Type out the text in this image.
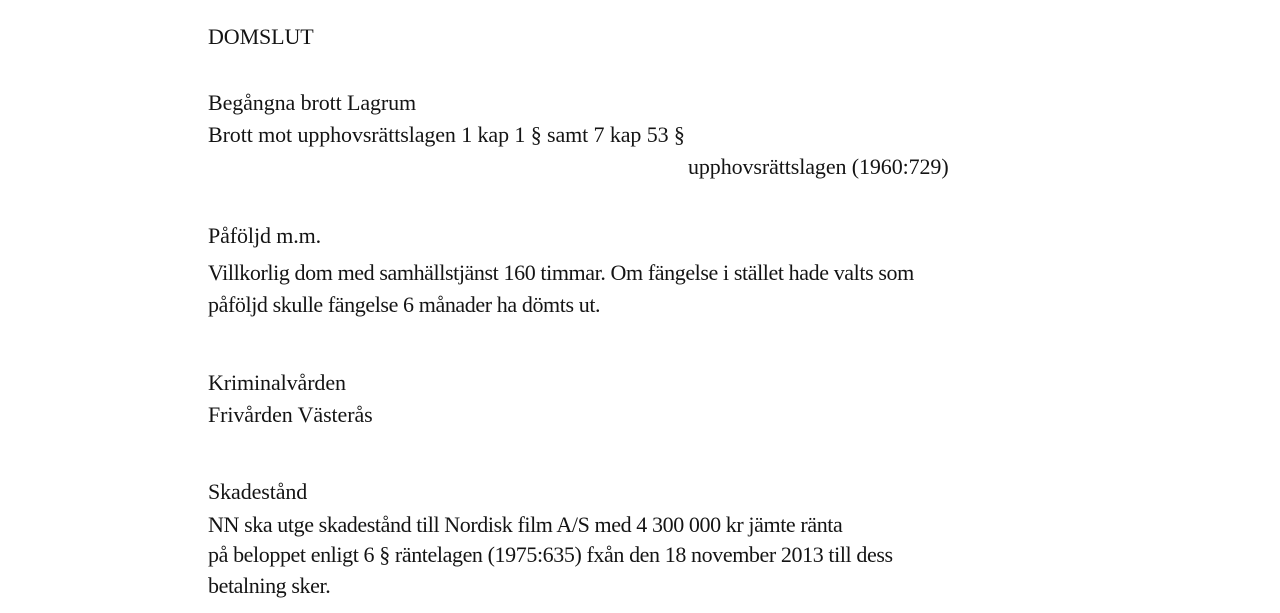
DOMSLUT
Begångna brott Lagrum
Brott mot upphovsrättslagen 1 kap 1 § samt 7 kap 53 §
upphovsrättslagen (1960:729)
Påföljd m.m.
Villkorlig dom med samhällstjänst 160 timmar. Om fängelse i stället hade valts som
påföljd skulle fängelse 6 månader ha dömts ut.
Kriminalvården
Frivården Västerås
Skadestånd
NN ska utge skadestånd till Nordisk film A/S med 4 300 000 kr jämte ränta
på beloppet enligt 6 § räntelagen (1975:635) fxån den 18 november 2013 till dess
betalning sker.
